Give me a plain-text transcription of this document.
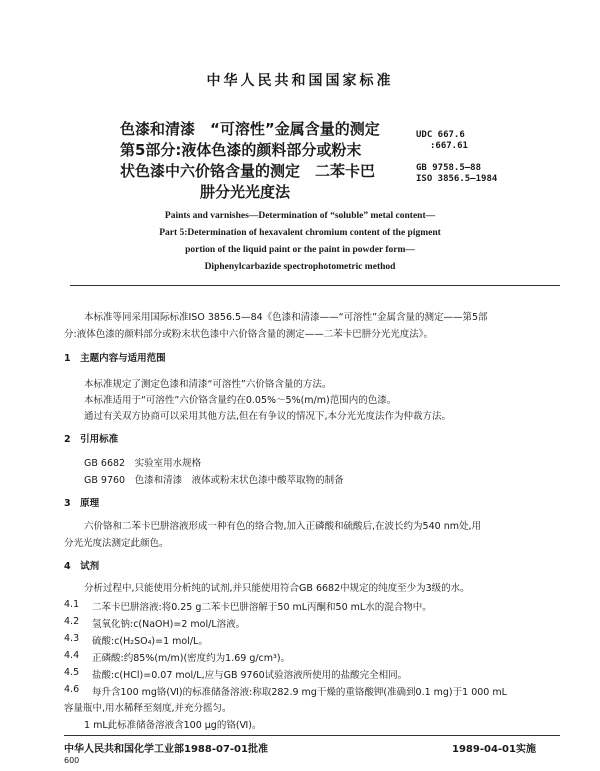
中华人民共和国国家标准
色漆和清漆　“可溶性”金属含量的测定
第5部分:液体色漆的颜料部分或粉末
状色漆中六价铬含量的测定　二苯卡巴
肼分光光度法
UDC 667.6
:667.61
GB 9758.5—88
ISO 3856.5—1984
Paints and varnishes—Determination of “soluble” metal content—
Part 5:Determination of hexavalent chromium content of the pigment
portion of the liquid paint or the paint in powder form—
Diphenylcarbazide spectrophotometric method
本标准等同采用国际标准ISO 3856.5—84《色漆和清漆——“可溶性”金属含量的测定——第5部
分:液体色漆的颜料部分或粉末状色漆中六价铬含量的测定——二苯卡巴肼分光光度法》。
1　主题内容与适用范围
本标准规定了测定色漆和清漆“可溶性”六价铬含量的方法。
本标准适用于“可溶性”六价铬含量约在0.05%～5%(m/m)范围内的色漆。
通过有关双方协商可以采用其他方法,但在有争议的情况下,本分光光度法作为仲裁方法。
2　引用标准
GB 6682　实验室用水规格
GB 9760　色漆和清漆　液体或粉末状色漆中酸萃取物的制备
3　原理
六价铬和二苯卡巴肼溶液形成一种有色的络合物,加入正磷酸和硫酸后,在波长约为540 nm处,用
分光光度法测定此颜色。
4　试剂
分析过程中,只能使用分析纯的试剂,并只能使用符合GB 6682中规定的纯度至少为3级的水。
4.1 二苯卡巴肼溶液:将0.25 g二苯卡巴肼溶解于50 mL丙酮和50 mL水的混合物中。
4.2 氢氧化钠:c(NaOH)=2 mol/L溶液。
4.3 硫酸:c(H₂SO₄)=1 mol/L。
4.4 正磷酸:约85%(m/m)(密度约为1.69 g/cm³)。
4.5 盐酸:c(HCl)=0.07 mol/L,应与GB 9760试验溶液所使用的盐酸完全相同。
4.6 每升含100 mg铬(Ⅵ)的标准储备溶液:称取282.9 mg干燥的重铬酸钾(准确到0.1 mg)于1 000 mL
容量瓶中,用水稀释至刻度,并充分摇匀。
1 mL此标准储备溶液含100 μg的铬(Ⅵ)。
中华人民共和国化学工业部1988-07-01批准	1989-04-01实施
600
